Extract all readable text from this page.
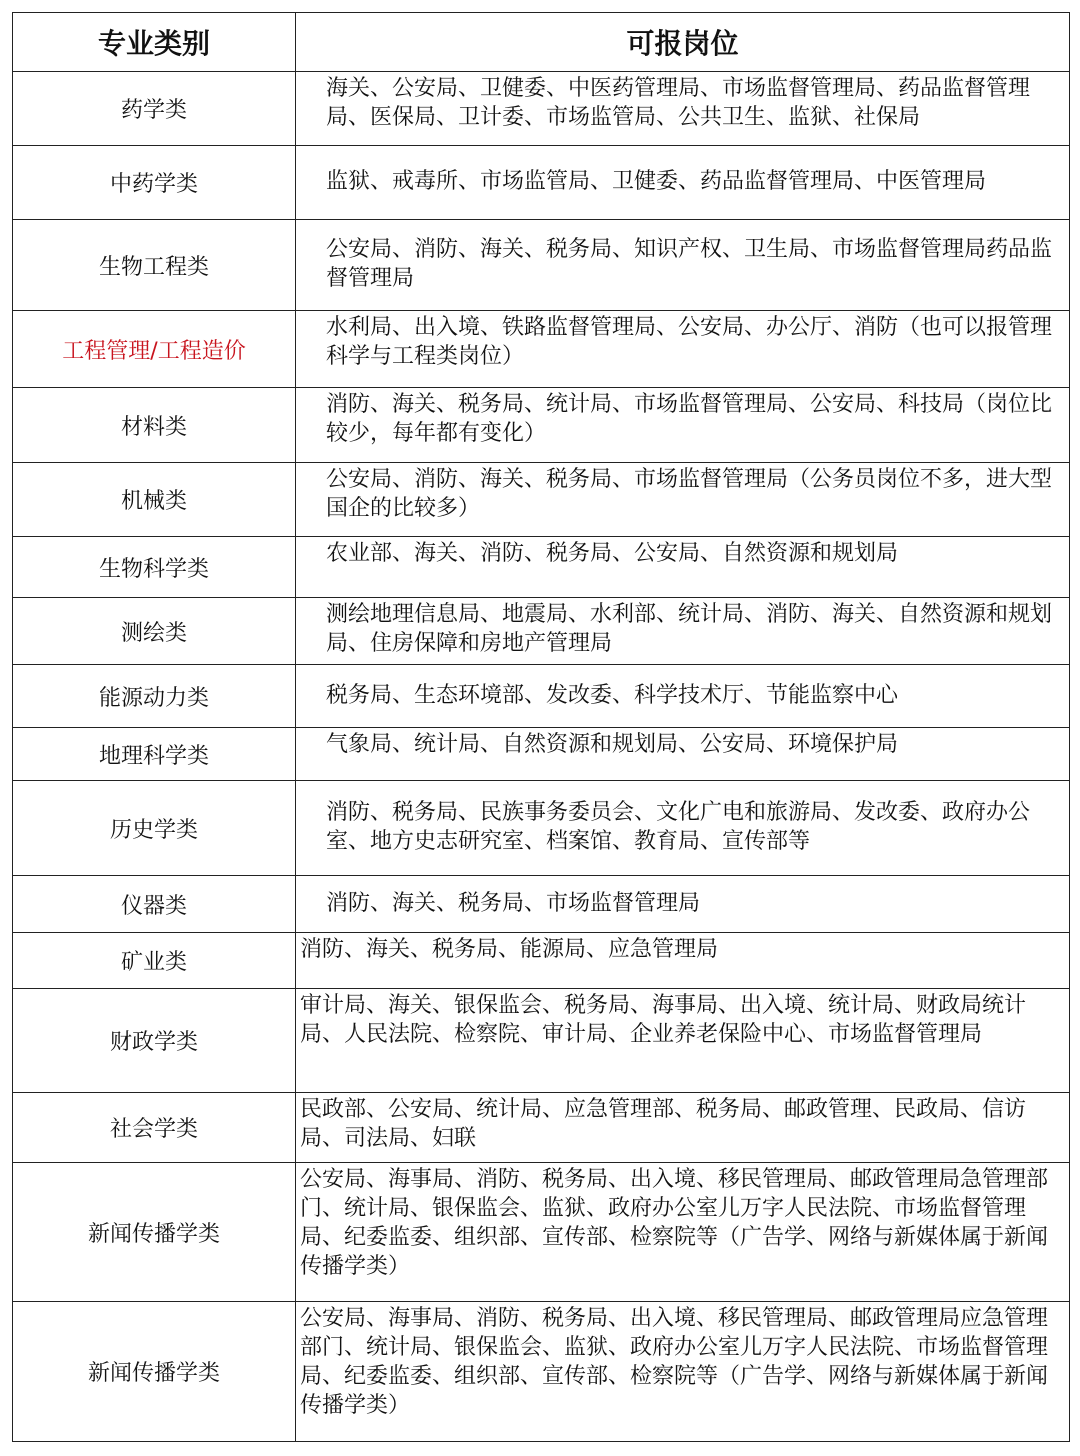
专业类别	可报岗位
药学类	海关、公安局、卫健委、中医药管理局、市场监督管理局、药品监督管理局、医保局、卫计委、市场监管局、公共卫生、监狱、社保局
中药学类	监狱、戒毒所、市场监管局、卫健委、药品监督管理局、中医管理局
生物工程类	公安局、消防、海关、税务局、知识产权、卫生局、市场监督管理局药品监督管理局
工程管理/工程造价	水利局、出入境、铁路监督管理局、公安局、办公厅、消防（也可以报管理科学与工程类岗位）
材料类	消防、海关、税务局、统计局、市场监督管理局、公安局、科技局（岗位比较少，每年都有变化）
机械类	公安局、消防、海关、税务局、市场监督管理局（公务员岗位不多，进大型国企的比较多）
生物科学类	农业部、海关、消防、税务局、公安局、自然资源和规划局
测绘类	测绘地理信息局、地震局、水利部、统计局、消防、海关、自然资源和规划局、住房保障和房地产管理局
能源动力类	税务局、生态环境部、发改委、科学技术厅、节能监察中心
地理科学类	气象局、统计局、自然资源和规划局、公安局、环境保护局
历史学类	消防、税务局、民族事务委员会、文化广电和旅游局、发改委、政府办公室、地方史志研究室、档案馆、教育局、宣传部等
仪器类	消防、海关、税务局、市场监督管理局
矿业类	消防、海关、税务局、能源局、应急管理局
财政学类	审计局、海关、银保监会、税务局、海事局、出入境、统计局、财政局统计局、人民法院、检察院、审计局、企业养老保险中心、市场监督管理局
社会学类	民政部、公安局、统计局、应急管理部、税务局、邮政管理、民政局、信访局、司法局、妇联
新闻传播学类	公安局、海事局、消防、税务局、出入境、移民管理局、邮政管理局急管理部门、统计局、银保监会、监狱、政府办公室儿万字人民法院、市场监督管理局、纪委监委、组织部、宣传部、检察院等（广告学、网络与新媒体属于新闻传播学类）
新闻传播学类	公安局、海事局、消防、税务局、出入境、移民管理局、邮政管理局应急管理部门、统计局、银保监会、监狱、政府办公室儿万字人民法院、市场监督管理局、纪委监委、组织部、宣传部、检察院等（广告学、网络与新媒体属于新闻传播学类）
